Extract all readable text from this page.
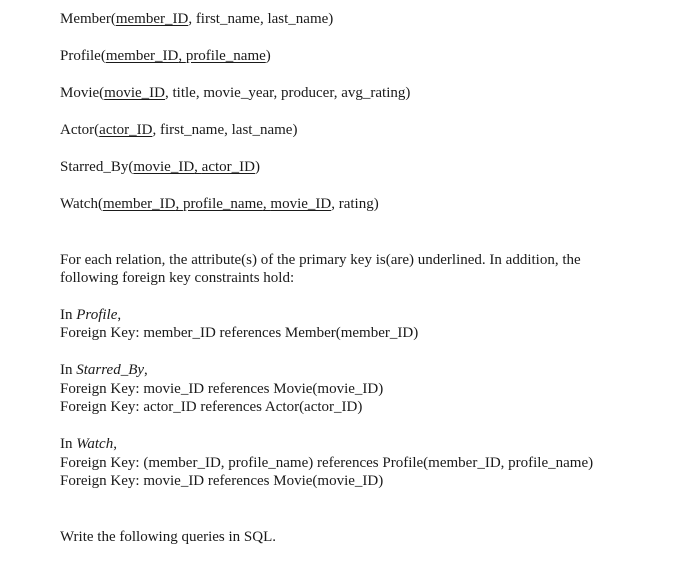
Member(member_ID, first_name, last_name)
Profile(member_ID, profile_name)
Movie(movie_ID, title, movie_year, producer, avg_rating)
Actor(actor_ID, first_name, last_name)
Starred_By(movie_ID, actor_ID)
Watch(member_ID, profile_name, movie_ID, rating)
For each relation, the attribute(s) of the primary key is(are) underlined. In addition, the
following foreign key constraints hold:
In Profile,
Foreign Key: member_ID references Member(member_ID)
In Starred_By,
Foreign Key: movie_ID references Movie(movie_ID)
Foreign Key: actor_ID references Actor(actor_ID)
In Watch,
Foreign Key: (member_ID, profile_name) references Profile(member_ID, profile_name)
Foreign Key: movie_ID references Movie(movie_ID)
Write the following queries in SQL.
